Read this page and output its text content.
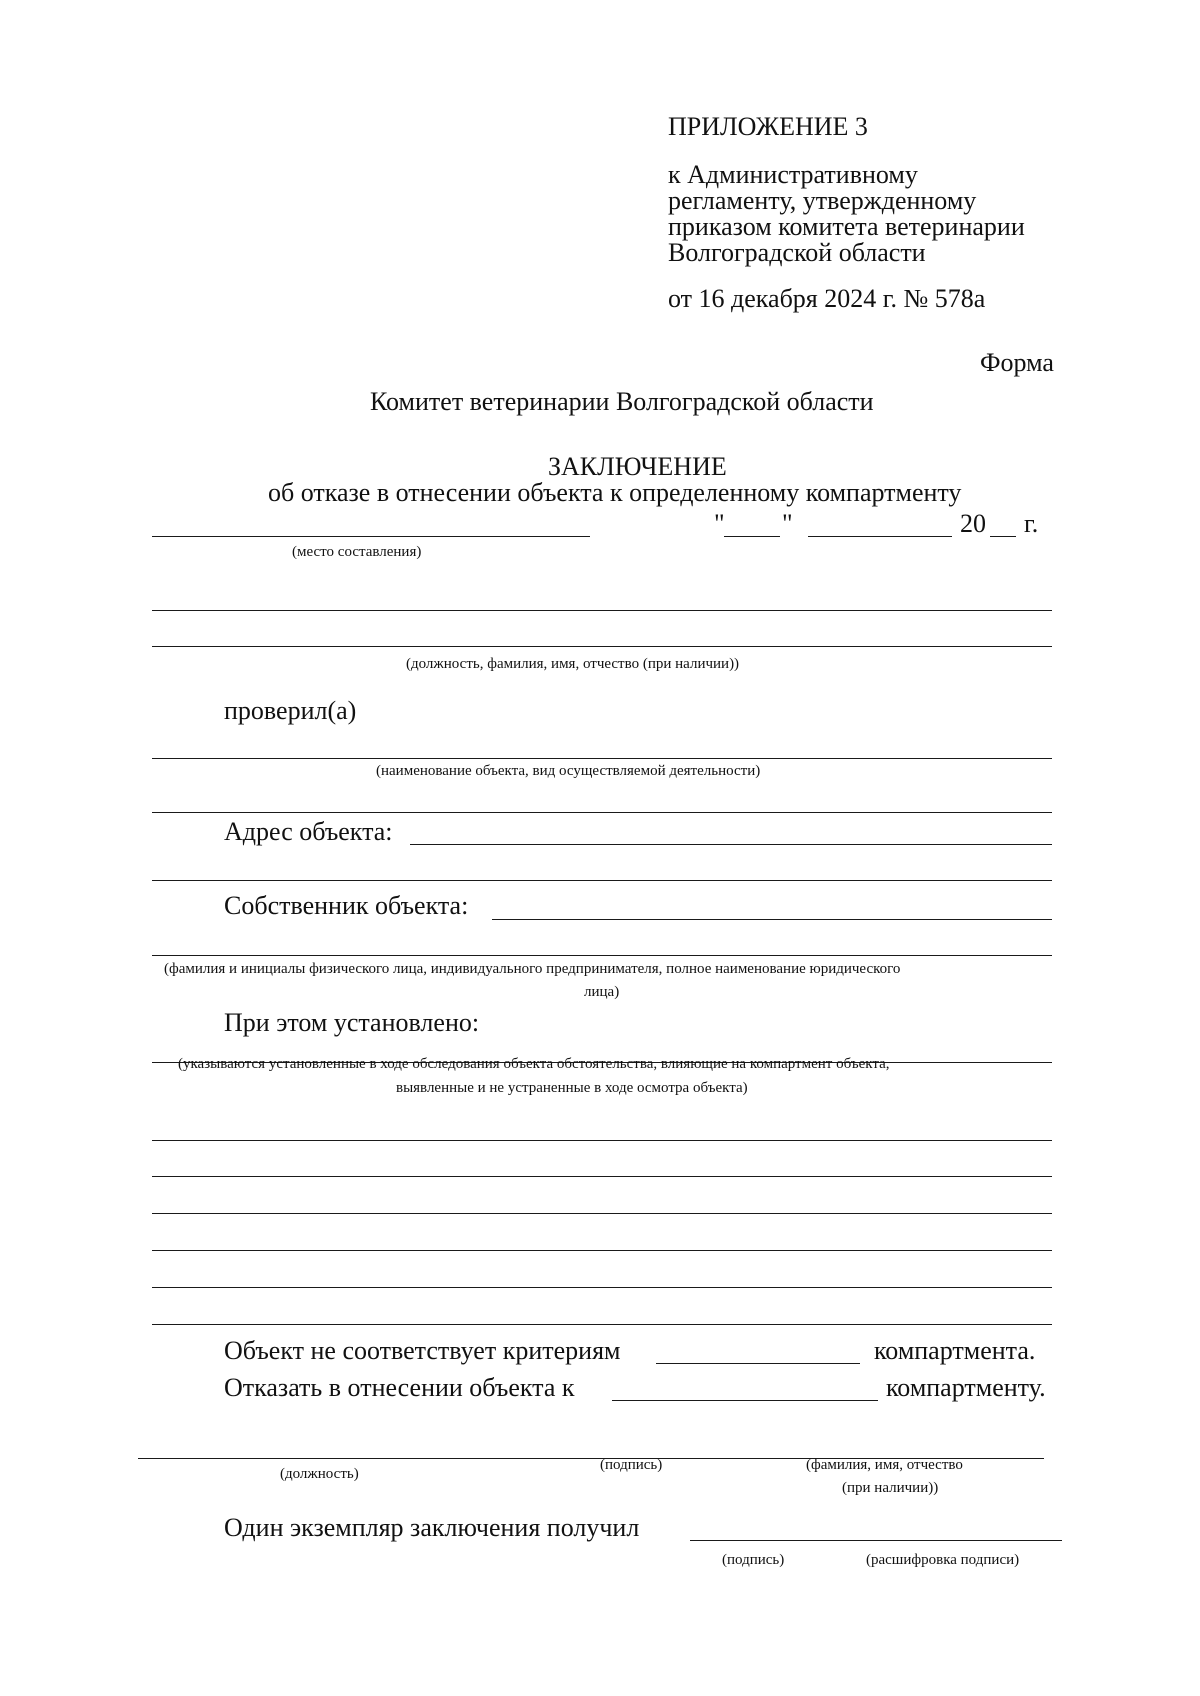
ПРИЛОЖЕНИЕ 3
к Административному
регламенту, утвержденному
приказом комитета ветеринарии
Волгоградской области
от 16 декабря 2024 г. № 578а
Форма
Комитет ветеринарии Волгоградской области
ЗАКЛЮЧЕНИЕ
об отказе в отнесении объекта к определенному компартменту
" "	20 г.
(место составления)
(должность, фамилия, имя, отчество (при наличии))
проверил(а)
(наименование объекта, вид осуществляемой деятельности)
Адрес объекта:
Собственник объекта:
(фамилия и инициалы физического лица, индивидуального предпринимателя, полное наименование юридического
лица)
При этом установлено:
(указываются установленные в ходе обследования объекта обстоятельства, влияющие на компартмент объекта,
выявленные и не устраненные в ходе осмотра объекта)
Объект не соответствует критериям	компартмента.
Отказать в отнесении объекта к	компартменту.
(должность)
(подпись)	(фамилия, имя, отчество
(при наличии))
Один экземпляр заключения получил
(подпись)	(расшифровка подписи)
